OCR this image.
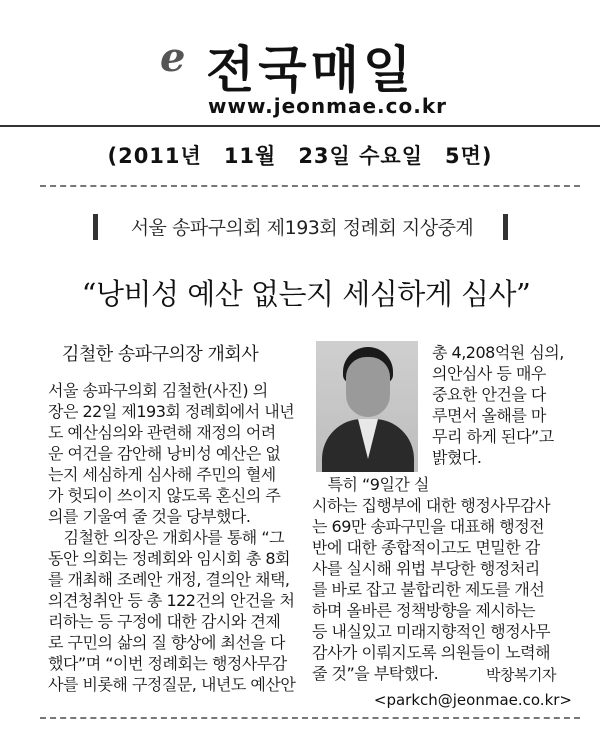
e 전국매일
www.jeonmae.co.kr
(2011년　11월　23일 수요일　5면)
서울 송파구의회 제193회 정례회 지상중계
“낭비성 예산 없는지 세심하게 심사”
김철한 송파구의장 개회사
서울 송파구의회 김철한(사진) 의
장은 22일 제193회 정례회에서 내년
도 예산심의와 관련해 재정의 어려
운 여건을 감안해 낭비성 예산은 없
는지 세심하게 심사해 주민의 혈세
가 헛되이 쓰이지 않도록 혼신의 주
의를 기울여 줄 것을 당부했다.
　김철한 의장은 개회사를 통해 “그
동안 의회는 정례회와 임시회 총 8회
를 개최해 조례안 개정, 결의안 채택,
의견청취안 등 총 122건의 안건을 처
리하는 등 구정에 대한 감시와 견제
로 구민의 삶의 질 향상에 최선을 다
했다”며 “이번 정례회는 행정사무감
사를 비롯해 구정질문, 내년도 예산안
총 4,208억원 심의,
의안심사 등 매우
중요한 안건을 다
루면서 올해를 마
무리 하게 된다”고
밝혔다.
　특히 “9일간 실
시하는 집행부에 대한 행정사무감사
는 69만 송파구민을 대표해 행정전
반에 대한 종합적이고도 면밀한 감
사를 실시해 위법 부당한 행정처리
를 바로 잡고 불합리한 제도를 개선
하며 올바른 정책방향을 제시하는
등 내실있고 미래지향적인 행정사무
감사가 이뤄지도록 의원들이 노력해
줄 것”을 부탁했다.	박창복기자
<parkch@jeonmae.co.kr>
